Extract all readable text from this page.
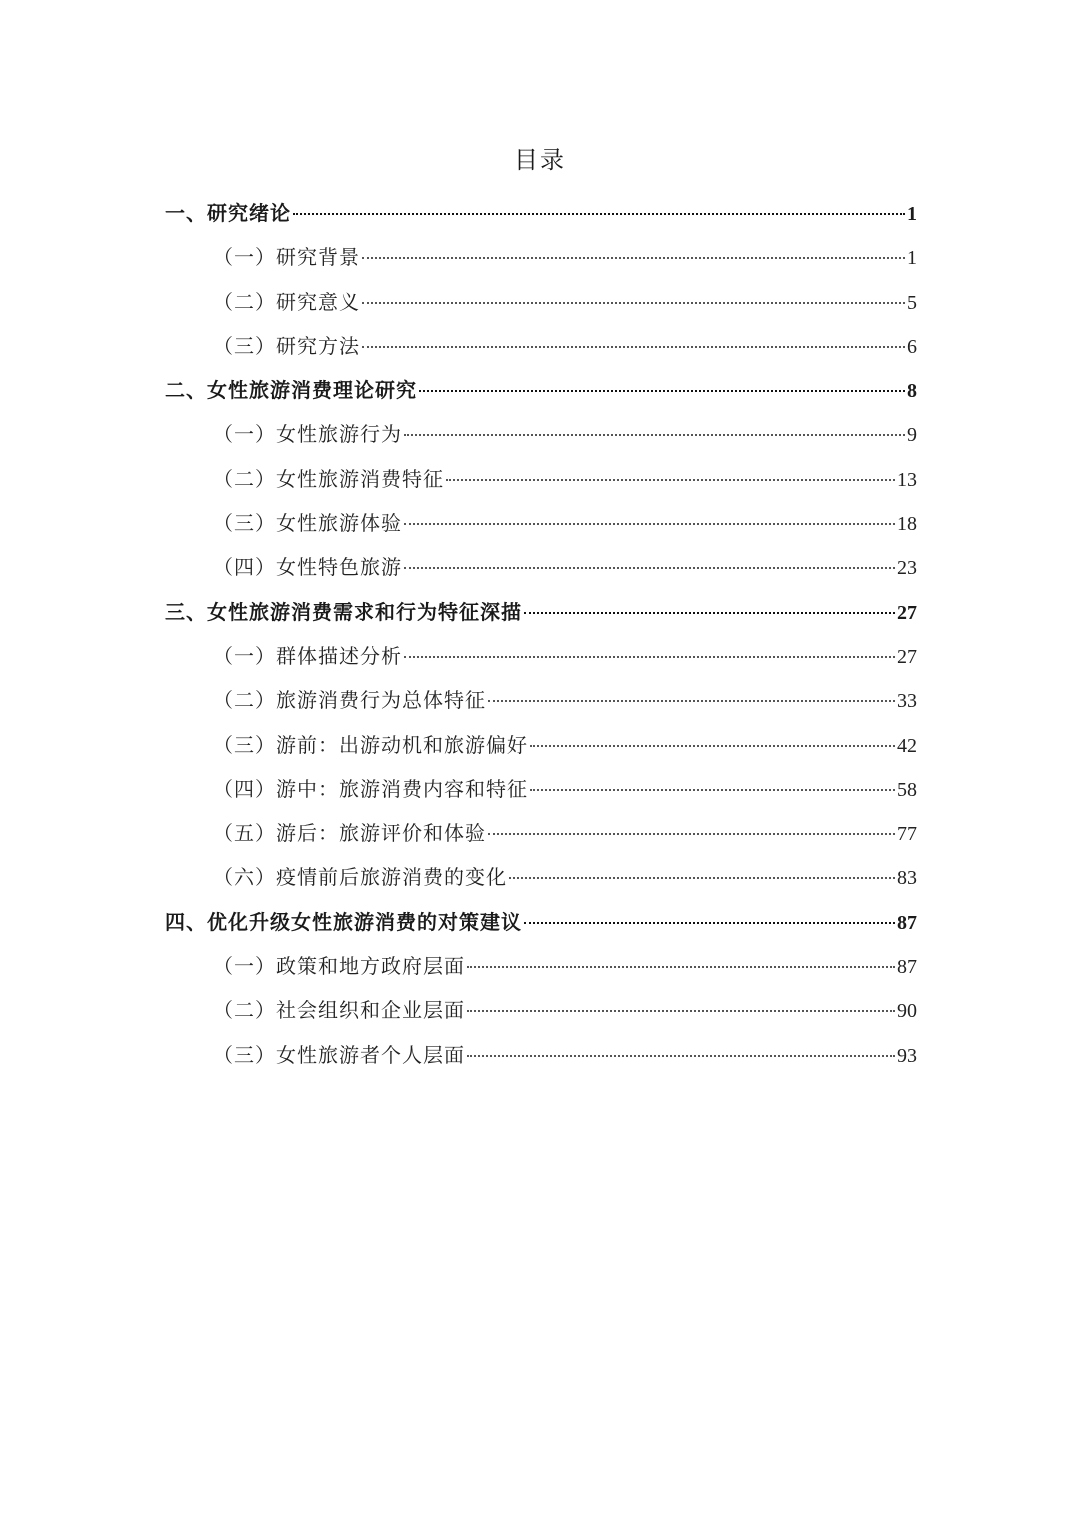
目录
一、研究绪论	1
（一）研究背景	1
（二）研究意义	5
（三）研究方法	6
二、女性旅游消费理论研究	8
（一）女性旅游行为	9
（二）女性旅游消费特征	13
（三）女性旅游体验	18
（四）女性特色旅游	23
三、女性旅游消费需求和行为特征深描	27
（一）群体描述分析	27
（二）旅游消费行为总体特征	33
（三）游前：出游动机和旅游偏好	42
（四）游中：旅游消费内容和特征	58
（五）游后：旅游评价和体验	77
（六）疫情前后旅游消费的变化	83
四、优化升级女性旅游消费的对策建议	87
（一）政策和地方政府层面	87
（二）社会组织和企业层面	90
（三）女性旅游者个人层面	93
